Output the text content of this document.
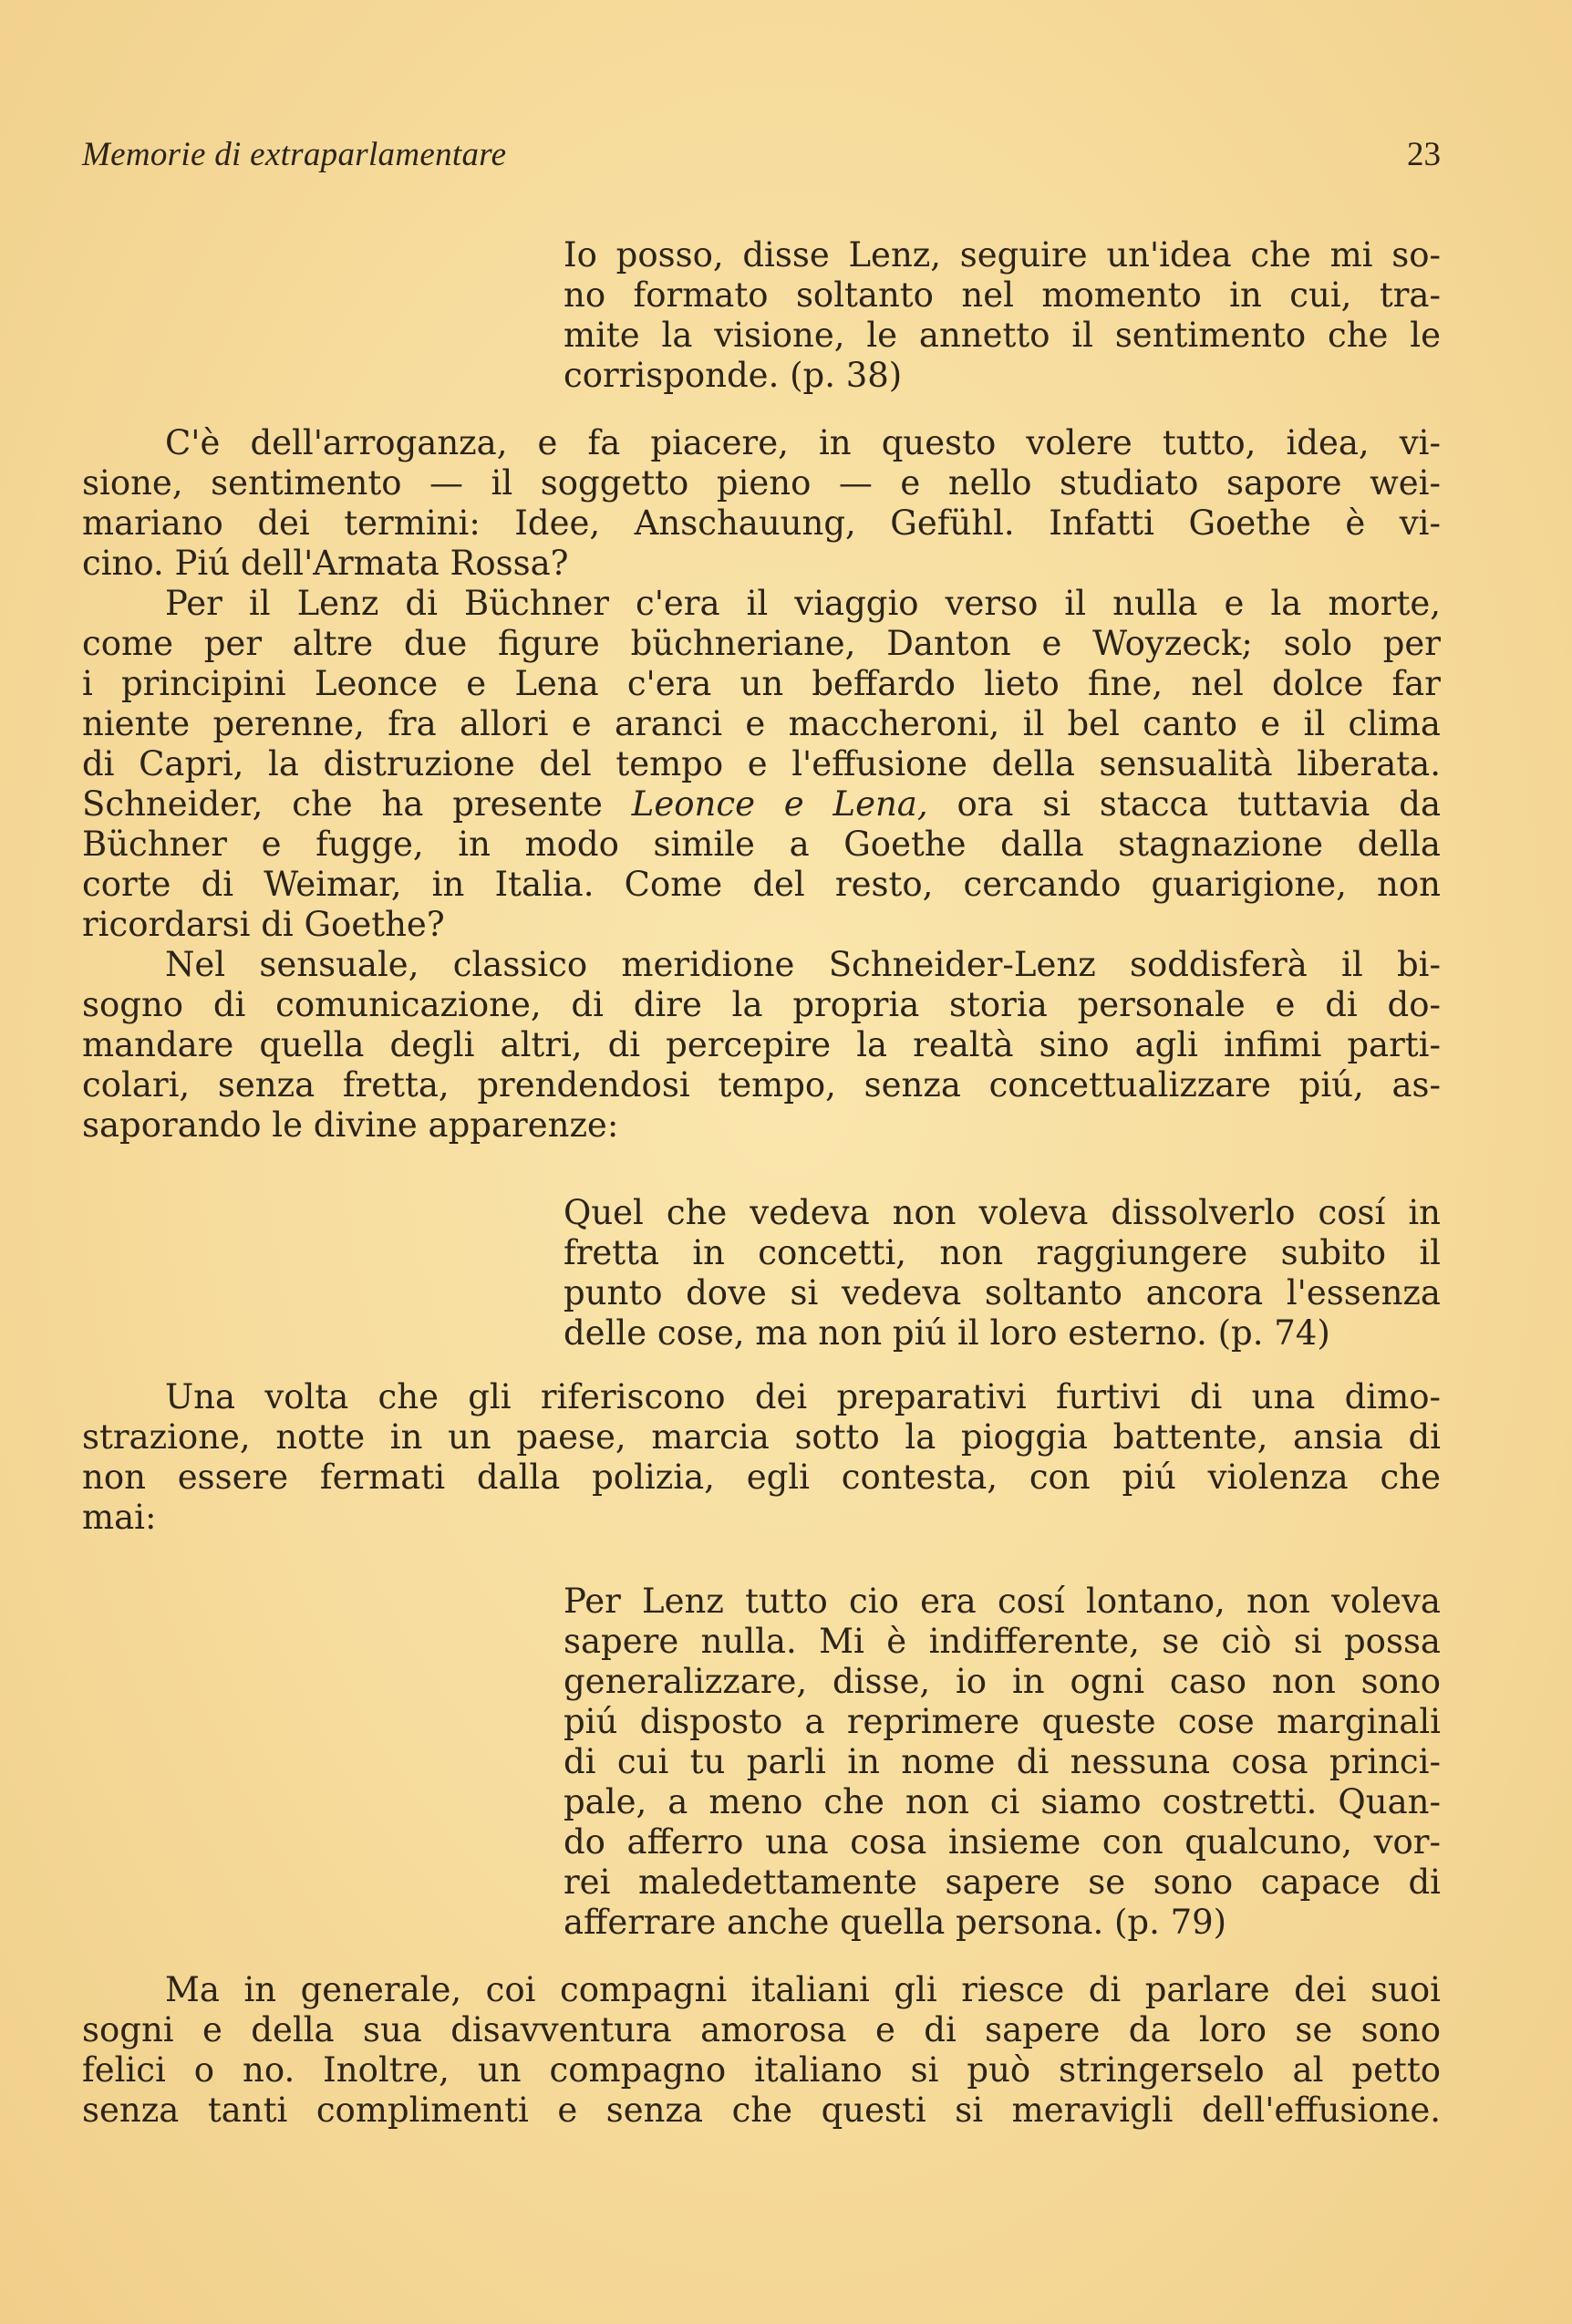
Memorie di extraparlamentare	23
Io posso, disse Lenz, seguire un'idea che mi so-
no formato soltanto nel momento in cui, tra-
mite la visione, le annetto il sentimento che le
corrisponde. (p. 38)
C'è dell'arroganza, e fa piacere, in questo volere tutto, idea, vi-
sione, sentimento — il soggetto pieno — e nello studiato sapore wei-
mariano dei termini: Idee, Anschauung, Gefühl. Infatti Goethe è vi-
cino. Piú dell'Armata Rossa?
Per il Lenz di Büchner c'era il viaggio verso il nulla e la morte,
come per altre due figure büchneriane, Danton e Woyzeck; solo per
i principini Leonce e Lena c'era un beffardo lieto fine, nel dolce far
niente perenne, fra allori e aranci e maccheroni, il bel canto e il clima
di Capri, la distruzione del tempo e l'effusione della sensualità liberata.
Schneider, che ha presente Leonce e Lena, ora si stacca tuttavia da
Büchner e fugge, in modo simile a Goethe dalla stagnazione della
corte di Weimar, in Italia. Come del resto, cercando guarigione, non
ricordarsi di Goethe?
Nel sensuale, classico meridione Schneider-Lenz soddisferà il bi-
sogno di comunicazione, di dire la propria storia personale e di do-
mandare quella degli altri, di percepire la realtà sino agli infimi parti-
colari, senza fretta, prendendosi tempo, senza concettualizzare piú, as-
saporando le divine apparenze:
Quel che vedeva non voleva dissolverlo cosí in
fretta in concetti, non raggiungere subito il
punto dove si vedeva soltanto ancora l'essenza
delle cose, ma non piú il loro esterno. (p. 74)
Una volta che gli riferiscono dei preparativi furtivi di una dimo-
strazione, notte in un paese, marcia sotto la pioggia battente, ansia di
non essere fermati dalla polizia, egli contesta, con piú violenza che
mai:
Per Lenz tutto cio era cosí lontano, non voleva
sapere nulla. Mi è indifferente, se ciò si possa
generalizzare, disse, io in ogni caso non sono
piú disposto a reprimere queste cose marginali
di cui tu parli in nome di nessuna cosa princi-
pale, a meno che non ci siamo costretti. Quan-
do afferro una cosa insieme con qualcuno, vor-
rei maledettamente sapere se sono capace di
afferrare anche quella persona. (p. 79)
Ma in generale, coi compagni italiani gli riesce di parlare dei suoi
sogni e della sua disavventura amorosa e di sapere da loro se sono
felici o no. Inoltre, un compagno italiano si può stringerselo al petto
senza tanti complimenti e senza che questi si meravigli dell'effusione.
